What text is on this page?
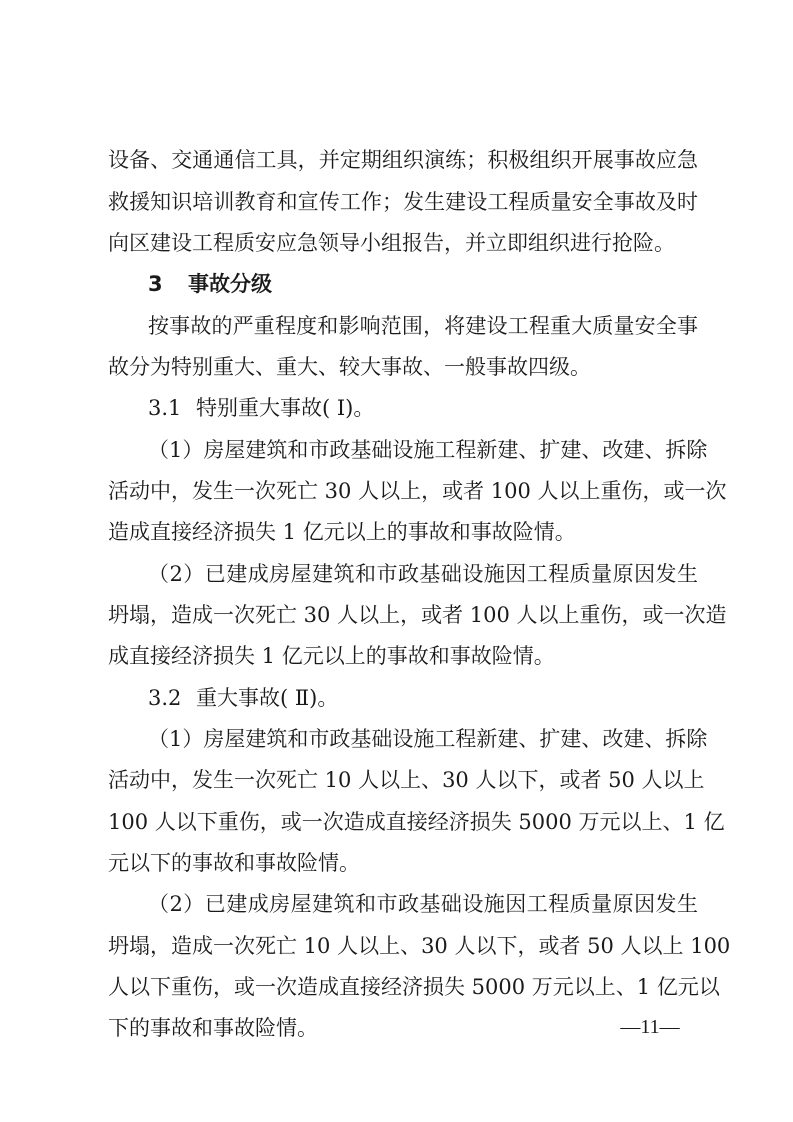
设备、交通通信工具，并定期组织演练；积极组织开展事故应急
救援知识培训教育和宣传工作；发生建设工程质量安全事故及时
向区建设工程质安应急领导小组报告，并立即组织进行抢险。
3 事故分级
按事故的严重程度和影响范围，将建设工程重大质量安全事
故分为特别重大、重大、较大事故、一般事故四级。
3.1 特别重大事故( Ⅰ)。
（1）房屋建筑和市政基础设施工程新建、扩建、改建、拆除
活动中，发生一次死亡 30 人以上，或者 100 人以上重伤，或一次
造成直接经济损失 1 亿元以上的事故和事故险情。
（2）已建成房屋建筑和市政基础设施因工程质量原因发生
坍塌，造成一次死亡 30 人以上，或者 100 人以上重伤，或一次造
成直接经济损失 1 亿元以上的事故和事故险情。
3.2 重大事故( Ⅱ)。
（1）房屋建筑和市政基础设施工程新建、扩建、改建、拆除
活动中，发生一次死亡 10 人以上、30 人以下，或者 50 人以上
100 人以下重伤，或一次造成直接经济损失 5000 万元以上、1 亿
元以下的事故和事故险情。
（2）已建成房屋建筑和市政基础设施因工程质量原因发生
坍塌，造成一次死亡 10 人以上、30 人以下，或者 50 人以上 100
人以下重伤，或一次造成直接经济损失 5000 万元以上、1 亿元以
下的事故和事故险情。	—11—
